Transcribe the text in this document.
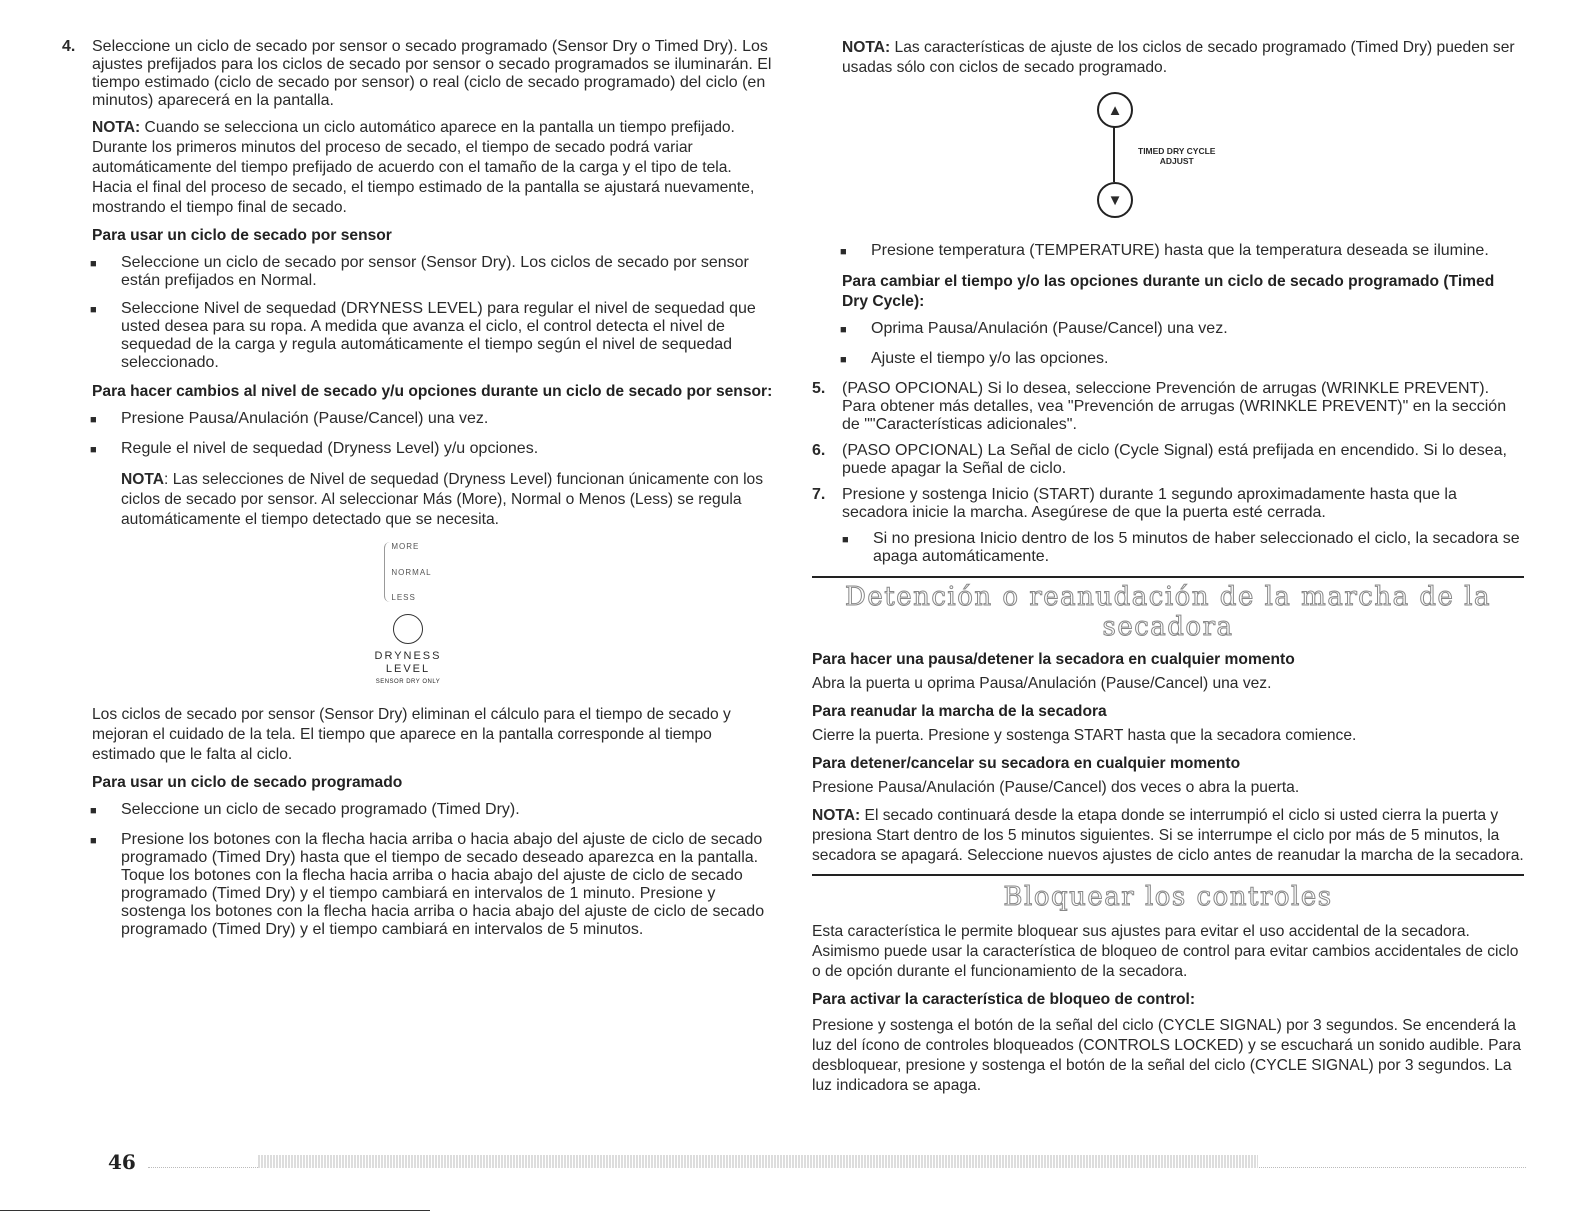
4.	Seleccione un ciclo de secado por sensor o secado programado (Sensor Dry o Timed Dry). Los ajustes prefijados para los ciclos de secado por sensor o secado programados se iluminarán. El tiempo estimado (ciclo de secado por sensor) o real (ciclo de secado programado) del ciclo (en minutos) aparecerá en la pantalla.

NOTA: Cuando se selecciona un ciclo automático aparece en la pantalla un tiempo prefijado. Durante los primeros minutos del proceso de secado, el tiempo de secado podrá variar automáticamente del tiempo prefijado de acuerdo con el tamaño de la carga y el tipo de tela. Hacia el final del proceso de secado, el tiempo estimado de la pantalla se ajustará nuevamente, mostrando el tiempo final de secado.

Para usar un ciclo de secado por sensor
■	Seleccione un ciclo de secado por sensor (Sensor Dry). Los ciclos de secado por sensor están prefijados en Normal.
■	Seleccione Nivel de sequedad (DRYNESS LEVEL) para regular el nivel de sequedad que usted desea para su ropa. A medida que avanza el ciclo, el control detecta el nivel de sequedad de la carga y regula automáticamente el tiempo según el nivel de sequedad seleccionado.
Para hacer cambios al nivel de secado y/u opciones durante un ciclo de secado por sensor:
■	Presione Pausa/Anulación (Pause/Cancel) una vez.
■	Regule el nivel de sequedad (Dryness Level) y/u opciones.

NOTA: Las selecciones de Nivel de sequedad (Dryness Level) funcionan únicamente con los ciclos de secado por sensor. Al seleccionar Más (More), Normal o Menos (Less) se regula automáticamente el tiempo detectado que se necesita.

MORE
NORMAL
LESS
DRYNESS
LEVEL
SENSOR DRY ONLY

Los ciclos de secado por sensor (Sensor Dry) eliminan el cálculo para el tiempo de secado y mejoran el cuidado de la tela. El tiempo que aparece en la pantalla corresponde al tiempo estimado que le falta al ciclo.

Para usar un ciclo de secado programado
■	Seleccione un ciclo de secado programado (Timed Dry).
■	Presione los botones con la flecha hacia arriba o hacia abajo del ajuste de ciclo de secado programado (Timed Dry) hasta que el tiempo de secado deseado aparezca en la pantalla. Toque los botones con la flecha hacia arriba o hacia abajo del ajuste de ciclo de secado programado (Timed Dry) y el tiempo cambiará en intervalos de 1 minuto. Presione y sostenga los botones con la flecha hacia arriba o hacia abajo del ajuste de ciclo de secado programado (Timed Dry) y el tiempo cambiará en intervalos de 5 minutos.

NOTA: Las características de ajuste de los ciclos de secado programado (Timed Dry) pueden ser usadas sólo con ciclos de secado programado.

▲
▼
TIMED DRY CYCLE
ADJUST
■	Presione temperatura (TEMPERATURE) hasta que la temperatura deseada se ilumine.
Para cambiar el tiempo y/o las opciones durante un ciclo de secado programado (Timed Dry Cycle):
■	Oprima Pausa/Anulación (Pause/Cancel) una vez.
■	Ajuste el tiempo y/o las opciones.
5.	(PASO OPCIONAL) Si lo desea, seleccione Prevención de arrugas (WRINKLE PREVENT). Para obtener más detalles, vea "Prevención de arrugas (WRINKLE PREVENT)" en la sección de ""Características adicionales".
6.	(PASO OPCIONAL) La Señal de ciclo (Cycle Signal) está prefijada en encendido. Si lo desea, puede apagar la Señal de ciclo.
7.	Presione y sostenga Inicio (START) durante 1 segundo aproximadamente hasta que la secadora inicie la marcha. Asegúrese de que la puerta esté cerrada.
■	Si no presiona Inicio dentro de los 5 minutos de haber seleccionado el ciclo, la secadora se apaga automáticamente.
Detención o reanudación de la marcha de la secadora
Para hacer una pausa/detener la secadora en cualquier momento

Abra la puerta u oprima Pausa/Anulación (Pause/Cancel) una vez.

Para reanudar la marcha de la secadora

Cierre la puerta. Presione y sostenga START hasta que la secadora comience.

Para detener/cancelar su secadora en cualquier momento

Presione Pausa/Anulación (Pause/Cancel) dos veces o abra la puerta.

NOTA: El secado continuará desde la etapa donde se interrumpió el ciclo si usted cierra la puerta y presiona Start dentro de los 5 minutos siguientes. Si se interrumpe el ciclo por más de 5 minutos, la secadora se apagará. Seleccione nuevos ajustes de ciclo antes de reanudar la marcha de la secadora.

Bloquear los controles

Esta característica le permite bloquear sus ajustes para evitar el uso accidental de la secadora. Asimismo puede usar la característica de bloqueo de control para evitar cambios accidentales de ciclo o de opción durante el funcionamiento de la secadora.

Para activar la característica de bloqueo de control:

Presione y sostenga el botón de la señal del ciclo (CYCLE SIGNAL) por 3 segundos. Se encenderá la luz del ícono de controles bloqueados (CONTROLS LOCKED) y se escuchará un sonido audible. Para desbloquear, presione y sostenga el botón de la señal del ciclo (CYCLE SIGNAL) por 3 segundos. La luz indicadora se apaga.

46
